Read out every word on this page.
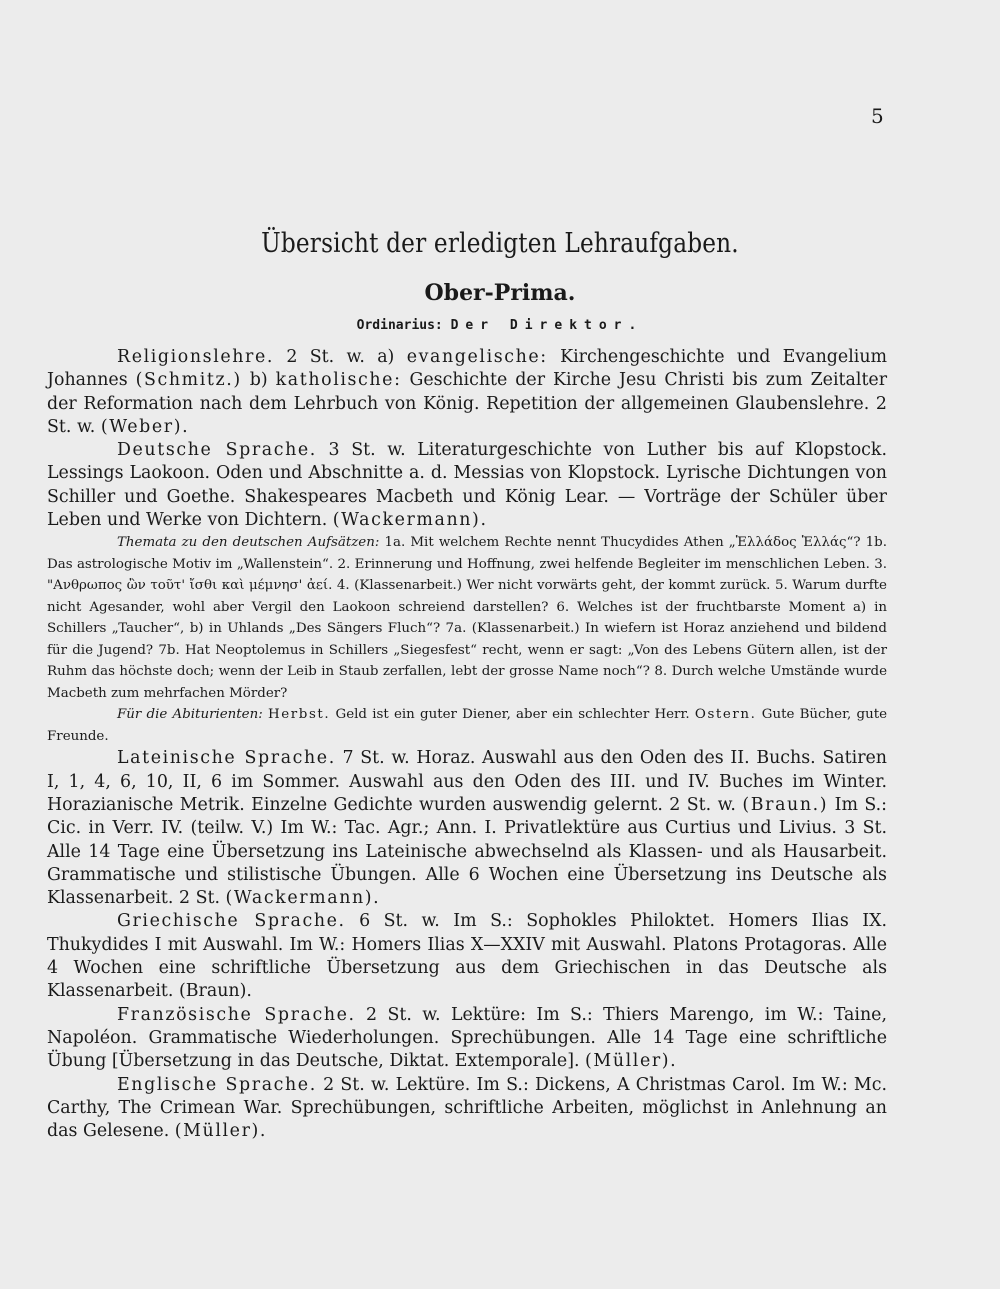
5
Übersicht der erledigten Lehraufgaben.
Ober-Prima.
Ordinarius: Der Direktor.

Religionslehre. 2 St. w. a) evangelische: Kirchengeschichte und Evangelium Johannes (Schmitz.) b) katholische: Geschichte der Kirche Jesu Christi bis zum Zeitalter der Reformation nach dem Lehrbuch von König. Repetition der allgemeinen Glaubenslehre. 2 St. w. (Weber).

Deutsche Sprache. 3 St. w. Literaturgeschichte von Luther bis auf Klopstock. Lessings Laokoon. Oden und Abschnitte a. d. Messias von Klopstock. Lyrische Dichtungen von Schiller und Goethe. Shakespeares Macbeth und König Lear. — Vorträge der Schüler über Leben und Werke von Dichtern. (Wackermann).

Themata zu den deutschen Aufsätzen: 1a. Mit welchem Rechte nennt Thucydides Athen „Ἑλλάδος Ἑλλάς“? 1b. Das astrologische Motiv im „Wallenstein“. 2. Erinnerung und Hoffnung, zwei helfende Begleiter im menschlichen Leben. 3. "Ανθρωπος ὢν τοῦτ' ἴσθι καὶ μέμνησ' ἀεί. 4. (Klassenarbeit.) Wer nicht vorwärts geht, der kommt zurück. 5. Warum durfte nicht Agesander, wohl aber Vergil den Laokoon schreiend darstellen? 6. Welches ist der fruchtbarste Moment a) in Schillers „Taucher“, b) in Uhlands „Des Sängers Fluch“? 7a. (Klassenarbeit.) In wiefern ist Horaz anziehend und bildend für die Jugend? 7b. Hat Neoptolemus in Schillers „Siegesfest“ recht, wenn er sagt: „Von des Lebens Gütern allen, ist der Ruhm das höchste doch; wenn der Leib in Staub zerfallen, lebt der grosse Name noch“? 8. Durch welche Umstände wurde Macbeth zum mehrfachen Mörder?

Für die Abiturienten: Herbst. Geld ist ein guter Diener, aber ein schlechter Herr. Ostern. Gute Bücher, gute Freunde.

Lateinische Sprache. 7 St. w. Horaz. Auswahl aus den Oden des II. Buchs. Satiren I, 1, 4, 6, 10, II, 6 im Sommer. Auswahl aus den Oden des III. und IV. Buches im Winter. Horazianische Metrik. Einzelne Gedichte wurden auswendig gelernt. 2 St. w. (Braun.) Im S.: Cic. in Verr. IV. (teilw. V.) Im W.: Tac. Agr.; Ann. I. Privatlektüre aus Curtius und Livius. 3 St. Alle 14 Tage eine Übersetzung ins Lateinische abwechselnd als Klassen- und als Hausarbeit. Grammatische und stilistische Übungen. Alle 6 Wochen eine Übersetzung ins Deutsche als Klassenarbeit. 2 St. (Wackermann).

Griechische Sprache. 6 St. w. Im S.: Sophokles Philoktet. Homers Ilias IX. Thukydides I mit Auswahl. Im W.: Homers Ilias X—XXIV mit Auswahl. Platons Protagoras. Alle 4 Wochen eine schriftliche Übersetzung aus dem Griechischen in das Deutsche als Klassenarbeit. (Braun).

Französische Sprache. 2 St. w. Lektüre: Im S.: Thiers Marengo, im W.: Taine, Napoléon. Grammatische Wiederholungen. Sprechübungen. Alle 14 Tage eine schriftliche Übung [Übersetzung in das Deutsche, Diktat. Extemporale]. (Müller).

Englische Sprache. 2 St. w. Lektüre. Im S.: Dickens, A Christmas Carol. Im W.: Mc. Carthy, The Crimean War. Sprechübungen, schriftliche Arbeiten, möglichst in Anlehnung an das Gelesene. (Müller).
